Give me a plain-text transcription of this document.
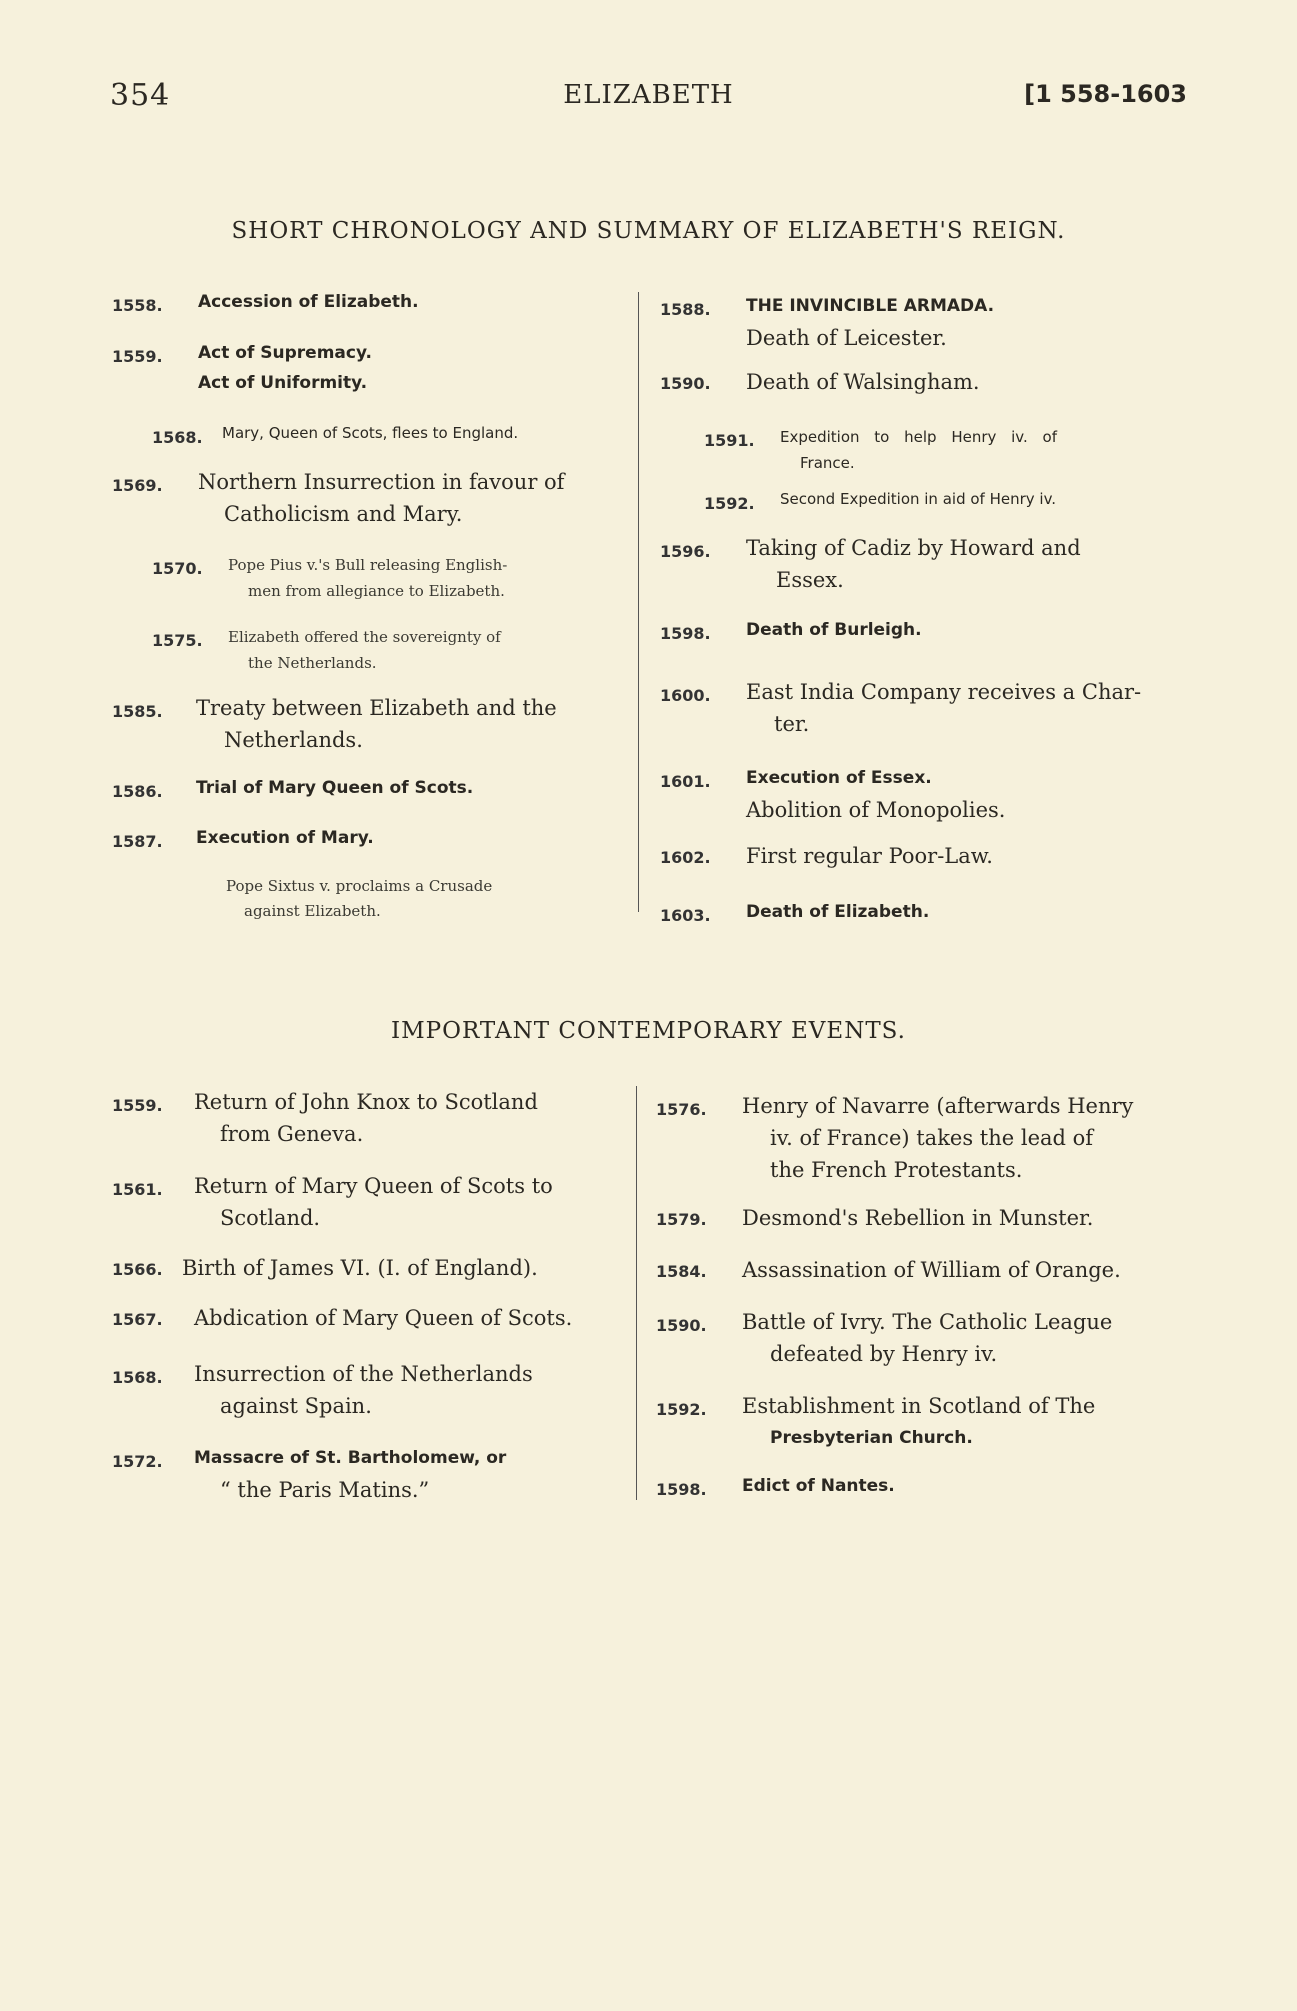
354	ELIZABETH	[1 558-1603
SHORT CHRONOLOGY AND SUMMARY OF ELIZABETH'S REIGN.
1558.	Accession of Elizabeth.
1559.	Act of Supremacy.
Act of Uniformity.
1568.	Mary, Queen of Scots, flees to England.
1569.	Northern Insurrection in favour of
Catholicism and Mary.
1570.	Pope Pius v.'s Bull releasing English-
men from allegiance to Elizabeth.
1575.	Elizabeth offered the sovereignty of
the Netherlands.
1585.	Treaty between Elizabeth and the
Netherlands.
1586.	Trial of Mary Queen of Scots.
1587.	Execution of Mary.
Pope Sixtus v. proclaims a Crusade
against Elizabeth.
1588.	THE INVINCIBLE ARMADA.
Death of Leicester.
1590.	Death of Walsingham.
1591.	Expedition to help Henry iv. of
France.
1592.	Second Expedition in aid of Henry iv.
1596.	Taking of Cadiz by Howard and
Essex.
1598.	Death of Burleigh.
1600.	East India Company receives a Char-
ter.
1601.	Execution of Essex.
Abolition of Monopolies.
1602.	First regular Poor-Law.
1603.	Death of Elizabeth.
IMPORTANT CONTEMPORARY EVENTS.
1559.	Return of John Knox to Scotland
from Geneva.
1561.	Return of Mary Queen of Scots to
Scotland.
1566. Birth of James VI. (I. of England).
1567.	Abdication of Mary Queen of Scots.
1568.	Insurrection of the Netherlands
against Spain.
1572.	Massacre of St. Bartholomew, or
“ the Paris Matins.”
1576.	Henry of Navarre (afterwards Henry
iv. of France) takes the lead of
the French Protestants.
1579.	Desmond's Rebellion in Munster.
1584.	Assassination of William of Orange.
1590.	Battle of Ivry. The Catholic League
defeated by Henry iv.
1592.	Establishment in Scotland of The
Presbyterian Church.
1598.	Edict of Nantes.
